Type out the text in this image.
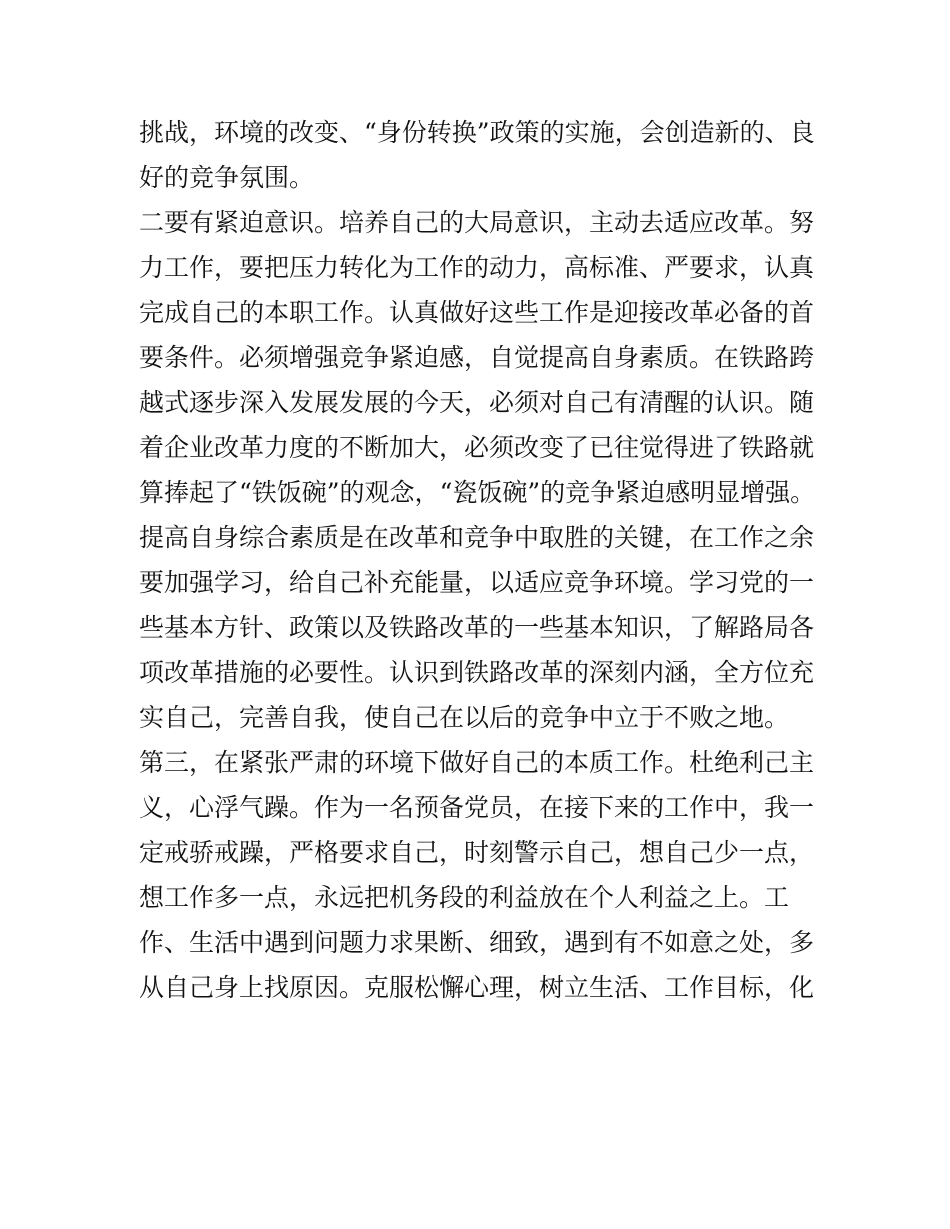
挑战，环境的改变、“身份转换”政策的实施，会创造新的、良
好的竞争氛围。
二要有紧迫意识。培养自己的大局意识，主动去适应改革。努
力工作，要把压力转化为工作的动力，高标准、严要求，认真
完成自己的本职工作。认真做好这些工作是迎接改革必备的首
要条件。必须增强竞争紧迫感，自觉提高自身素质。在铁路跨
越式逐步深入发展发展的今天，必须对自己有清醒的认识。随
着企业改革力度的不断加大，必须改变了已往觉得进了铁路就
算捧起了“铁饭碗”的观念，“瓷饭碗”的竞争紧迫感明显增强。
提高自身综合素质是在改革和竞争中取胜的关键，在工作之余
要加强学习，给自己补充能量，以适应竞争环境。学习党的一
些基本方针、政策以及铁路改革的一些基本知识，了解路局各
项改革措施的必要性。认识到铁路改革的深刻内涵，全方位充
实自己，完善自我，使自己在以后的竞争中立于不败之地。
第三，在紧张严肃的环境下做好自己的本质工作。杜绝利己主
义，心浮气躁。作为一名预备党员，在接下来的工作中，我一
定戒骄戒躁，严格要求自己，时刻警示自己，想自己少一点，
想工作多一点，永远把机务段的利益放在个人利益之上。工
作、生活中遇到问题力求果断、细致，遇到有不如意之处，多
从自己身上找原因。克服松懈心理，树立生活、工作目标，化
